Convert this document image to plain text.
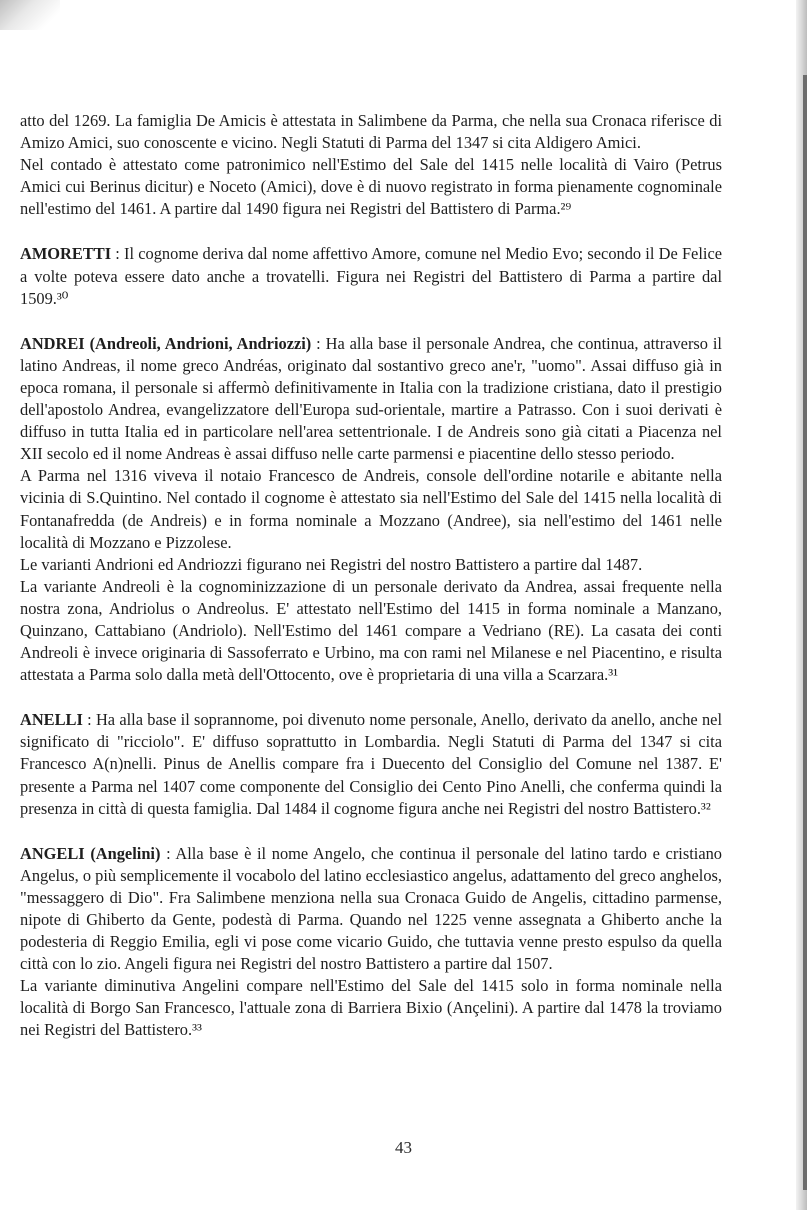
atto del 1269. La famiglia De Amicis è attestata in Salimbene da Parma, che nella sua Cronaca riferisce di Amizo Amici, suo conoscente e vicino. Negli Statuti di Parma del 1347 si cita Aldigero Amici.

Nel contado è attestato come patronimico nell'Estimo del Sale del 1415 nelle località di Vairo (Petrus Amici cui Berinus dicitur) e Noceto (Amici), dove è di nuovo registrato in forma pienamente cognominale nell'estimo del 1461. A partire dal 1490 figura nei Registri del Battistero di Parma.²⁹

AMORETTI : Il cognome deriva dal nome affettivo Amore, comune nel Medio Evo; secondo il De Felice a volte poteva essere dato anche a trovatelli. Figura nei Registri del Battistero di Parma a partire dal 1509.³⁰

ANDREI (Andreoli, Andrioni, Andriozzi) : Ha alla base il personale Andrea, che continua, attraverso il latino Andreas, il nome greco Andréas, originato dal sostantivo greco ane'r, "uomo". Assai diffuso già in epoca romana, il personale si affermò definitivamente in Italia con la tradizione cristiana, dato il prestigio dell'apostolo Andrea, evangelizzatore dell'Europa sud-orientale, martire a Patrasso. Con i suoi derivati è diffuso in tutta Italia ed in particolare nell'area settentrionale. I de Andreis sono già citati a Piacenza nel XII secolo ed il nome Andreas è assai diffuso nelle carte parmensi e piacentine dello stesso periodo.

A Parma nel 1316 viveva il notaio Francesco de Andreis, console dell'ordine notarile e abitante nella vicinia di S.Quintino. Nel contado il cognome è attestato sia nell'Estimo del Sale del 1415 nella località di Fontanafredda (de Andreis) e in forma nominale a Mozzano (Andree), sia nell'estimo del 1461 nelle località di Mozzano e Pizzolese.

Le varianti Andrioni ed Andriozzi figurano nei Registri del nostro Battistero a partire dal 1487.

La variante Andreoli è la cognominizzazione di un personale derivato da Andrea, assai frequente nella nostra zona, Andriolus o Andreolus. E' attestato nell'Estimo del 1415 in forma nominale a Manzano, Quinzano, Cattabiano (Andriolo). Nell'Estimo del 1461 compare a Vedriano (RE). La casata dei conti Andreoli è invece originaria di Sassoferrato e Urbino, ma con rami nel Milanese e nel Piacentino, e risulta attestata a Parma solo dalla metà dell'Ottocento, ove è proprietaria di una villa a Scarzara.³¹

ANELLI : Ha alla base il soprannome, poi divenuto nome personale, Anello, derivato da anello, anche nel significato di "ricciolo". E' diffuso soprattutto in Lombardia. Negli Statuti di Parma del 1347 si cita Francesco A(n)nelli. Pinus de Anellis compare fra i Duecento del Consiglio del Comune nel 1387. E' presente a Parma nel 1407 come componente del Consiglio dei Cento Pino Anelli, che conferma quindi la presenza in città di questa famiglia. Dal 1484 il cognome figura anche nei Registri del nostro Battistero.³²

ANGELI (Angelini) : Alla base è il nome Angelo, che continua il personale del latino tardo e cristiano Angelus, o più semplicemente il vocabolo del latino ecclesiastico angelus, adattamento del greco anghelos, "messaggero di Dio". Fra Salimbene menziona nella sua Cronaca Guido de Angelis, cittadino parmense, nipote di Ghiberto da Gente, podestà di Parma. Quando nel 1225 venne assegnata a Ghiberto anche la podesteria di Reggio Emilia, egli vi pose come vicario Guido, che tuttavia venne presto espulso da quella città con lo zio. Angeli figura nei Registri del nostro Battistero a partire dal 1507.

La variante diminutiva Angelini compare nell'Estimo del Sale del 1415 solo in forma nominale nella località di Borgo San Francesco, l'attuale zona di Barriera Bixio (Ançelini). A partire dal 1478 la troviamo nei Registri del Battistero.³³

43
